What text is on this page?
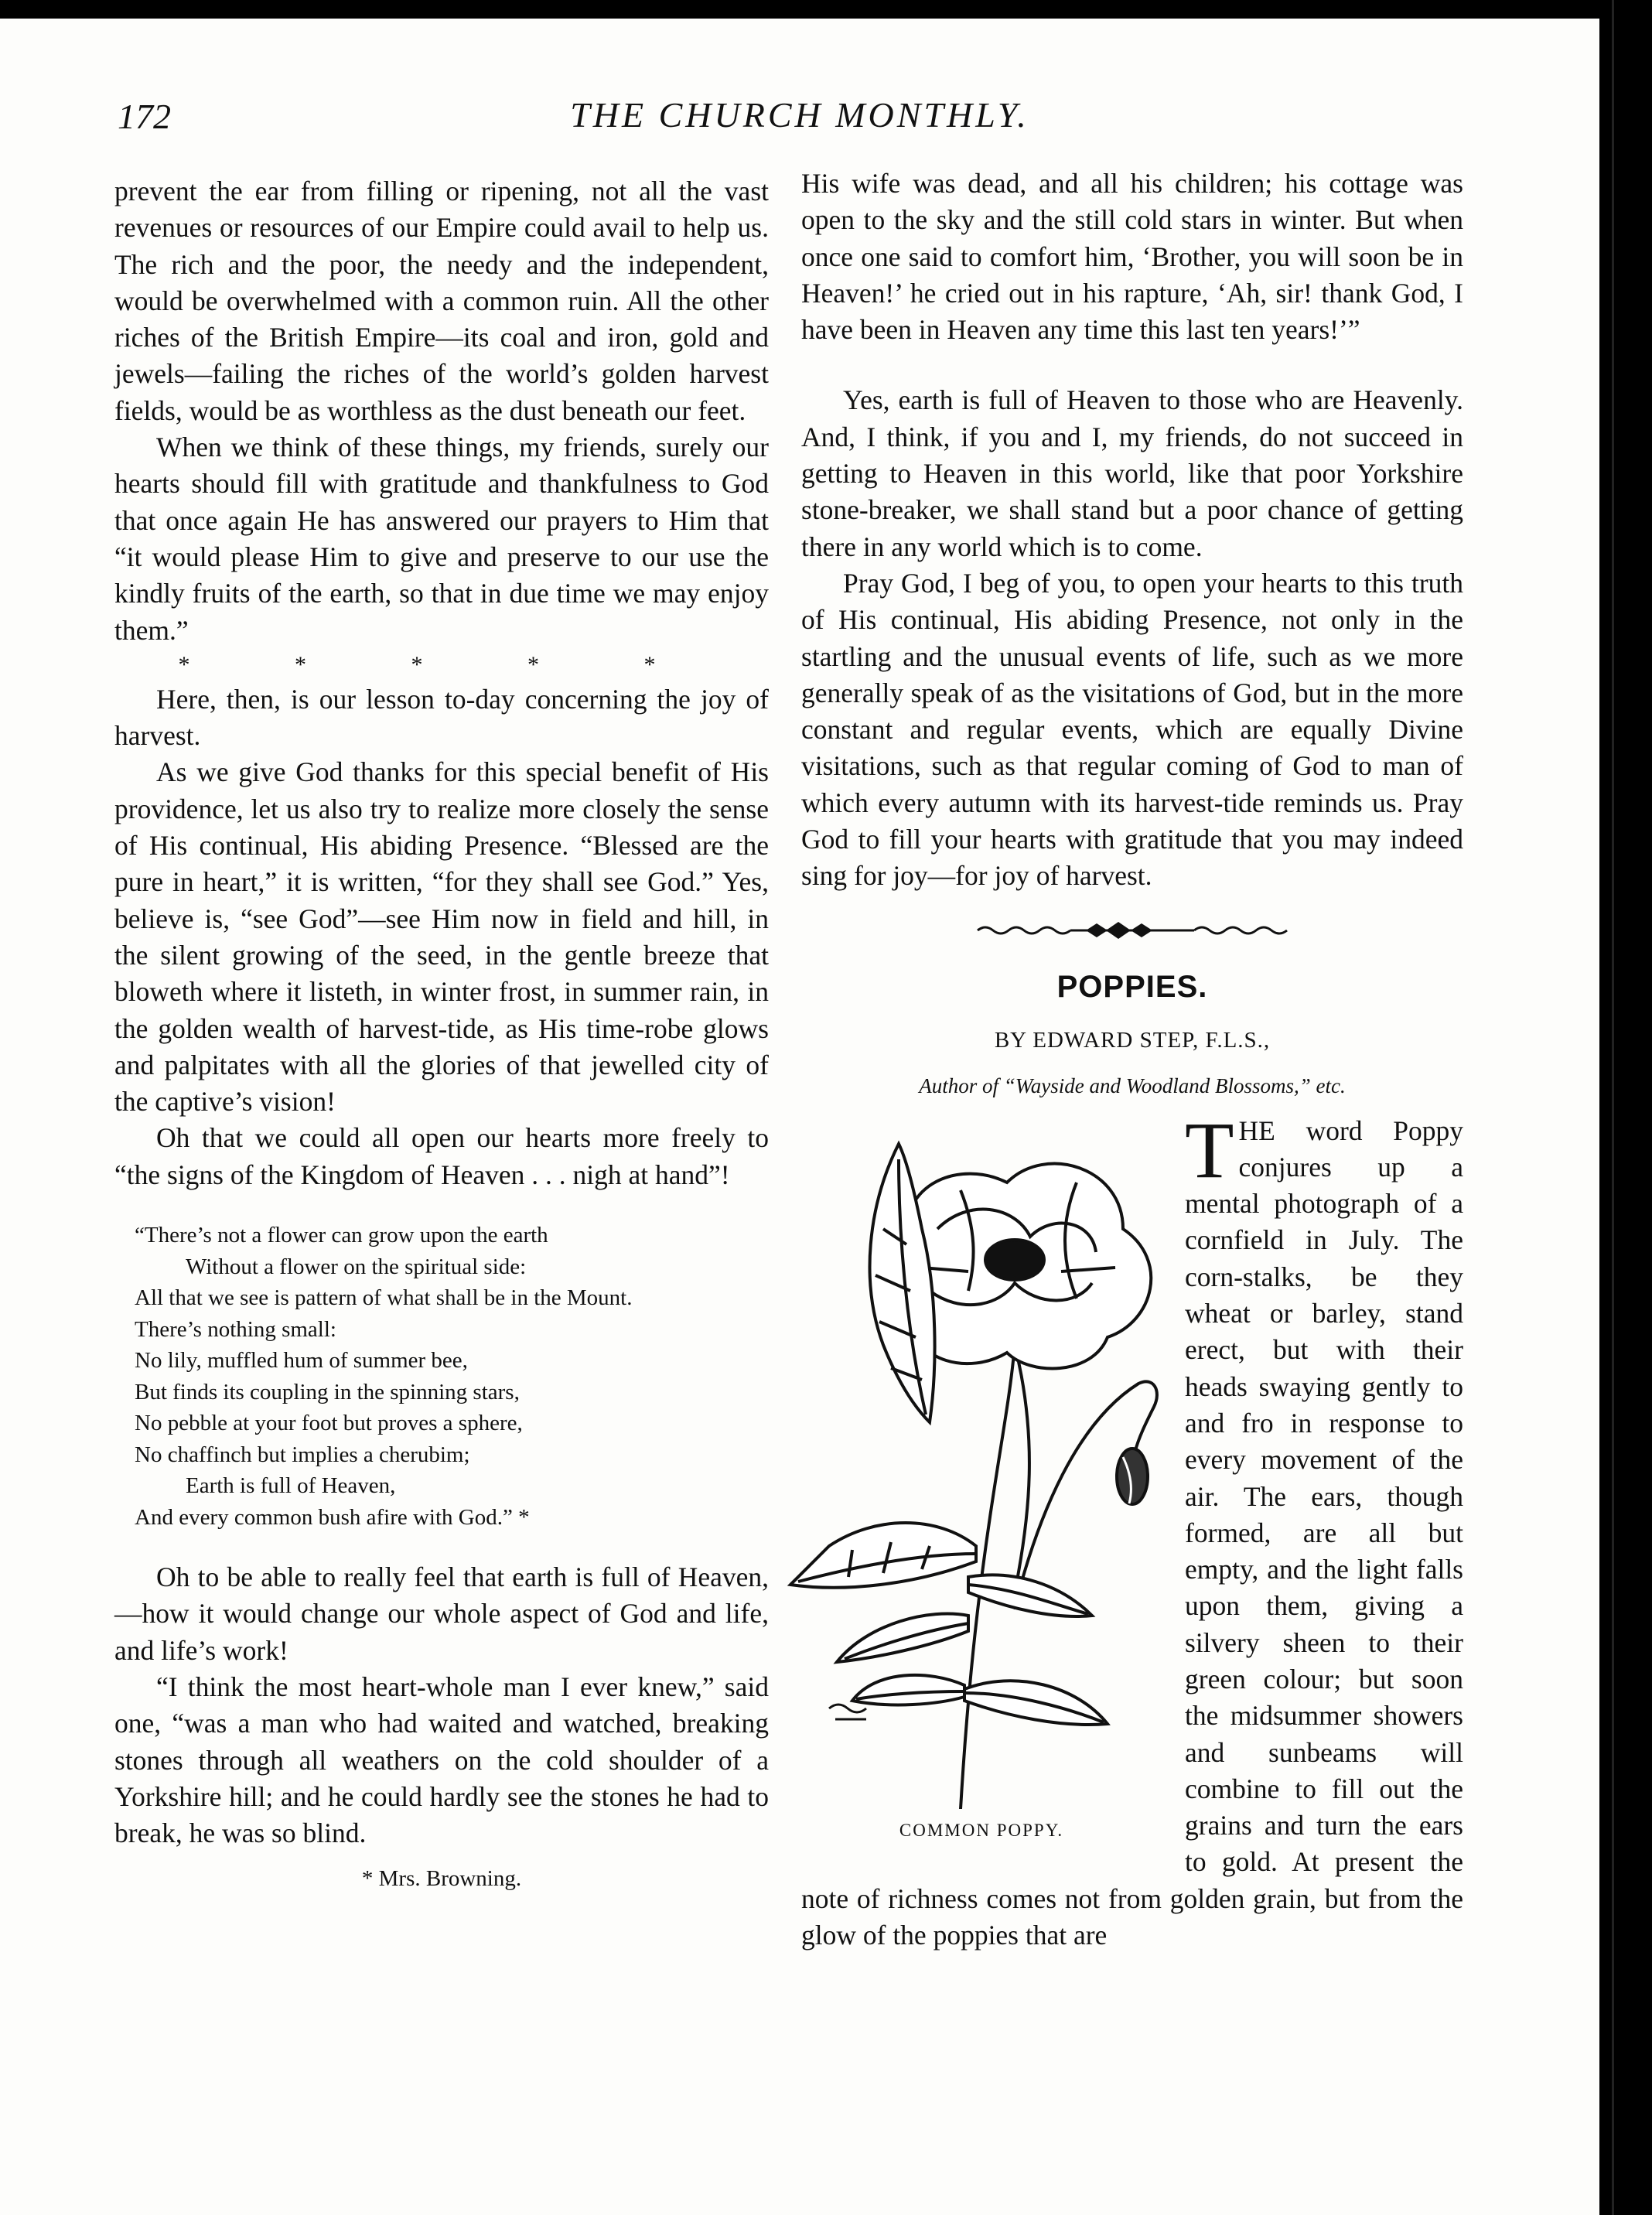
172	THE CHURCH MONTHLY.

prevent the ear from filling or ripening, not all the vast revenues or resources of our Empire could avail to help us. The rich and the poor, the needy and the independent, would be overwhelmed with a common ruin. All the other riches of the British Empire—its coal and iron, gold and jewels—failing the riches of the world’s golden harvest fields, would be as worthless as the dust beneath our feet.

When we think of these things, my friends, surely our hearts should fill with gratitude and thankfulness to God that once again He has answered our prayers to Him that “it would please Him to give and preserve to our use the kindly fruits of the earth, so that in due time we may enjoy them.”

* * * * *

Here, then, is our lesson to-day concerning the joy of harvest.

As we give God thanks for this special benefit of His providence, let us also try to realize more closely the sense of His continual, His abiding Presence. “Blessed are the pure in heart,” it is written, “for they shall see God.” Yes, believe is, “see God”—see Him now in field and hill, in the silent growing of the seed, in the gentle breeze that bloweth where it listeth, in winter frost, in summer rain, in the golden wealth of harvest-tide, as His time-robe glows and palpitates with all the glories of that jewelled city of the captive’s vision!

Oh that we could all open our hearts more freely to “the signs of the Kingdom of Heaven . . . nigh at hand”!

“There’s not a flower can grow upon the earth
Without a flower on the spiritual side:
All that we see is pattern of what shall be in the Mount.
There’s nothing small:
No lily, muffled hum of summer bee,
But finds its coupling in the spinning stars,
No pebble at your foot but proves a sphere,
No chaffinch but implies a cherubim;
Earth is full of Heaven,
And every common bush afire with God.” *

Oh to be able to really feel that earth is full of Heaven,—how it would change our whole aspect of God and life, and life’s work!

“I think the most heart-whole man I ever knew,” said one, “was a man who had waited and watched, breaking stones through all weathers on the cold shoulder of a Yorkshire hill; and he could hardly see the stones he had to break, he was so blind.

* Mrs. Browning.

His wife was dead, and all his children; his cottage was open to the sky and the still cold stars in winter. But when once one said to comfort him, ‘Brother, you will soon be in Heaven!’ he cried out in his rapture, ‘Ah, sir! thank God, I have been in Heaven any time this last ten years!’”

Yes, earth is full of Heaven to those who are Heavenly. And, I think, if you and I, my friends, do not succeed in getting to Heaven in this world, like that poor Yorkshire stone-breaker, we shall stand but a poor chance of getting there in any world which is to come.

Pray God, I beg of you, to open your hearts to this truth of His continual, His abiding Presence, not only in the startling and the unusual events of life, such as we more generally speak of as the visitations of God, but in the more constant and regular events, which are equally Divine visitations, such as that regular coming of God to man of which every autumn with its harvest-tide reminds us. Pray God to fill your hearts with gratitude that you may indeed sing for joy—for joy of harvest.

POPPIES.
BY EDWARD STEP, F.L.S.,
Author of “Wayside and Woodland Blossoms,” etc.
COMMON POPPY.
T HE word Poppy conjures up a mental photograph of a cornfield in July. The corn-stalks, be they wheat or barley, stand erect, but with their heads swaying gently to and fro in response to every movement of the air. The ears, though formed, are all but empty, and the light falls upon them, giving a silvery sheen to their green colour; but soon the midsummer showers and sunbeams will combine to fill out the grains and turn the ears to gold. At present the note of richness comes not from golden grain, but from the glow of the poppies that are
